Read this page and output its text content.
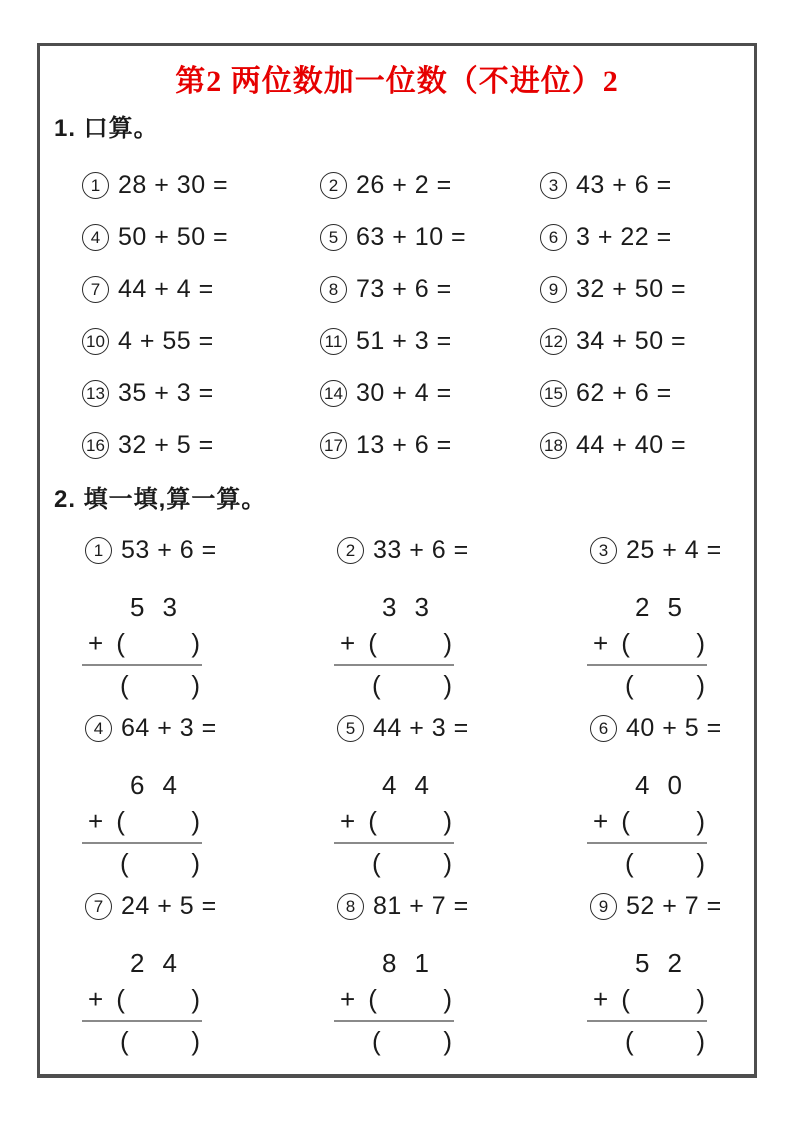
第2 两位数加一位数（不进位）2
1. 口算。
1 28 + 30 =	2 26 + 2 =	3 43 + 6 =
4 50 + 50 =	5 63 + 10 =	6 3 + 22 =
7 44 + 4 =	8 73 + 6 =	9 32 + 50 =
10 4 + 55 =	11 51 + 3 =	12 34 + 50 =
13 35 + 3 =	14 30 + 4 =	15 62 + 6 =
16 32 + 5 =	17 13 + 6 =	18 44 + 40 =
2. 填一填,算一算。
1 53 + 6 =
5 3
+ (	)
( )
2 33 + 6 =
3 3
+ (	)
( )
3 25 + 4 =
2 5
+ (	)
( )
4 64 + 3 =
6 4
+ (	)
( )
5 44 + 3 =
4 4
+ (	)
( )
6 40 + 5 =
4 0
+ (	)
( )
7 24 + 5 =
2 4
+ (	)
( )
8 81 + 7 =
8 1
+ (	)
( )
9 52 + 7 =
5 2
+ (	)
( )
